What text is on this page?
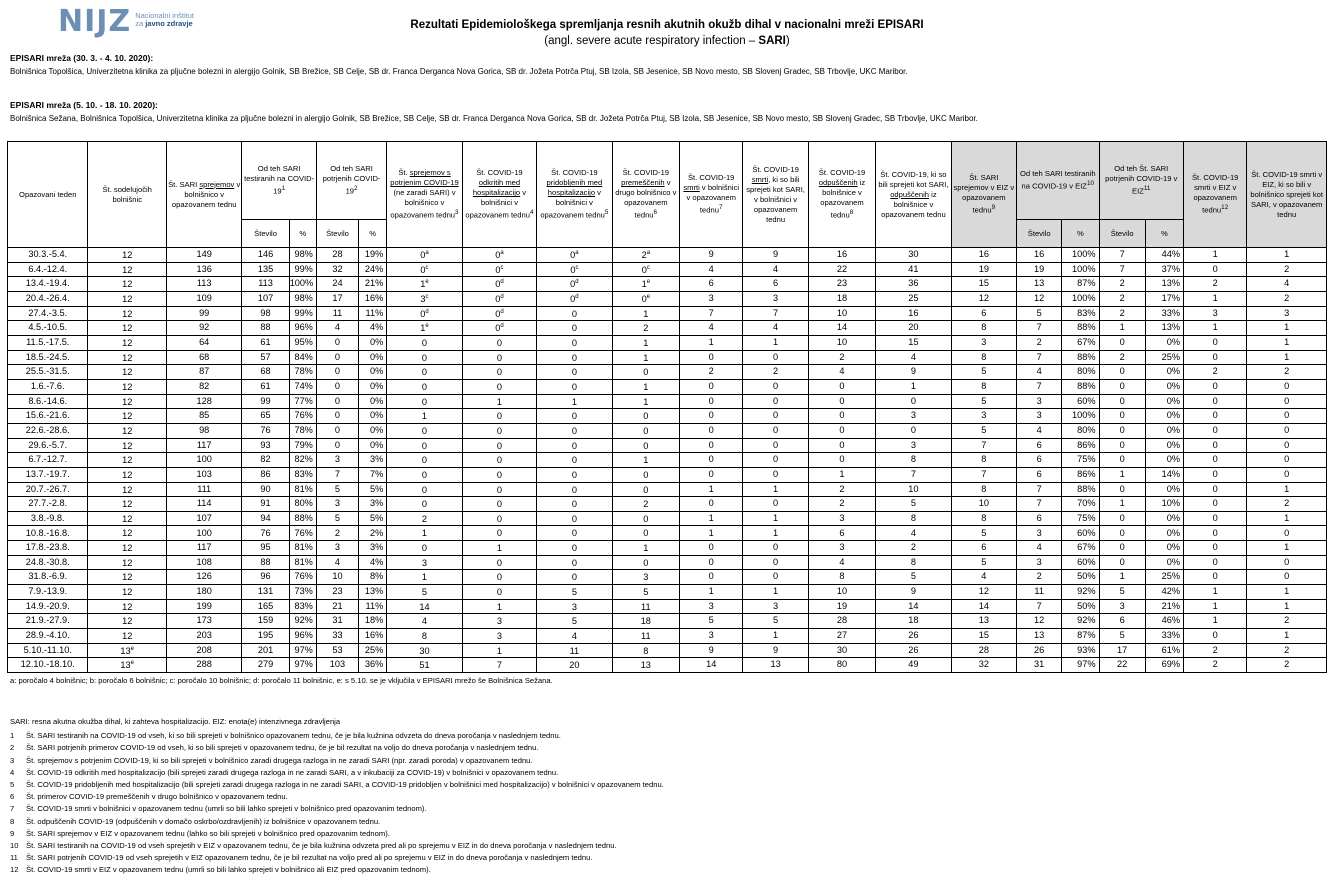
NIJZ Nacionalni inštitut
za javno zdravje	Rezultati Epidemiološkega spremljanja resnih akutnih okužb dihal v nacionalni mreži EPISARI
(angl. severe acute respiratory infection – SARI)
EPISARI mreža (30. 3. - 4. 10. 2020):
Bolnišnica Topolšica, Univerzitetna klinika za pljučne bolezni in alergijo Golnik, SB Brežice, SB Celje, SB dr. Franca Derganca Nova Gorica, SB dr. Jožeta Potrča Ptuj, SB Izola, SB Jesenice, SB Novo mesto, SB Slovenj Gradec, SB Trbovlje, UKC Maribor.
EPISARI mreža (5. 10. - 18. 10. 2020):
Bolnišnica Sežana, Bolnišnica Topolšica, Univerzitetna klinika za pljučne bolezni in alergijo Golnik, SB Brežice, SB Celje, SB dr. Franca Derganca Nova Gorica, SB dr. Jožeta Potrča Ptuj, SB Izola, SB Jesenice, SB Novo mesto, SB Slovenj Gradec, SB Trbovlje, UKC Maribor.
Opazovani teden	Št. sodelujočih bolnišnic	Št. SARI sprejemov v bolnišnico v opazovanem tednu	Od teh SARI testiranih na COVID-$19^1$		Od teh SARI potrjenih COVID-$19^2$		Št. sprejemov s potrjenim COVID-19 (ne zaradi SARI) v bolnišnico v opazovanem tednu$^3$	Št. COVID-19 odkritih med hospitalizacijo v bolnišnici v opazovanem tednu$^4$	Št. COVID-19 pridobljenih med hospitalizacijo v bolnišnici v opazovanem tednu$^5$	Št. COVID-19 premeščenih v drugo bolnišnico v opazovanem tednu$^6$	Št. COVID-19 smrti v bolnišnici v opazovanem tednu$^7$	Št. COVID-19 smrti, ki so bili sprejeti kot SARI, v bolnišnici v opazovanem tednu	Št. COVID-19 odpuščenih iz bolnišnice v opazovanem tednu$^8$	Št. COVID-19, ki so bili sprejeti kot SARI, odpuščenih iz bolnišnice v opazovanem tednu	Št. SARI sprejemov v EIZ v opazovanem tednu$^9$	Od teh SARI testiranih na COVID-19 v EIZ$^{10}$		Od teh Št. SARI potrjenih COVID-19 v EIZ$^{11}$		Št. COVID-19 smrti v EIZ v opazovanem tednu$^{12}$	Št. COVID-19 smrti v EIZ, ki so bili v bolnišnico sprejeti kot SARI, v opazovanem tednu
			Število	%	Število	%										Število	%	Število	%		
30.3.-5.4.	12	149	146	98%	28	19%	0$^a$	0$^a$	0$^a$	2$^a$	9	9	16	30	16	16	100%	7	44%	1	1
6.4.-12.4.	12	136	135	99%	32	24%	0$^c$	0$^c$	0$^c$	0$^c$	4	4	22	41	19	19	100%	7	37%	0	2
13.4.-19.4.	12	113	113	100%	24	21%	1e	0$^d$	0$^d$	1e	6	6	23	36	15	13	87%	2	13%	2	4
20.4.-26.4.	12	109	107	98%	17	16%	3$^c$	0$^d$	0$^d$	0e	3	3	18	25	12	12	100%	2	17%	1	2
27.4.-3.5.	12	99	98	99%	11	11%	0$^d$	0$^d$	0	1	7	7	10	16	6	5	83%	2	33%	3	3
4.5.-10.5.	12	92	88	96%	4	4%	1e	0$^d$	0	2	4	4	14	20	8	7	88%	1	13%	1	1
11.5.-17.5.	12	64	61	95%	0	0%	0	0	0	1	1	1	10	15	3	2	67%	0	0%	0	1
18.5.-24.5.	12	68	57	84%	0	0%	0	0	0	1	0	0	2	4	8	7	88%	2	25%	0	1
25.5.-31.5.	12	87	68	78%	0	0%	0	0	0	0	2	2	4	9	5	4	80%	0	0%	2	2
1.6.-7.6.	12	82	61	74%	0	0%	0	0	0	1	0	0	0	1	8	7	88%	0	0%	0	0
8.6.-14.6.	12	128	99	77%	0	0%	0	1	1	1	0	0	0	0	5	3	60%	0	0%	0	0
15.6.-21.6.	12	85	65	76%	0	0%	1	0	0	0	0	0	0	3	3	3	100%	0	0%	0	0
22.6.-28.6.	12	98	76	78%	0	0%	0	0	0	0	0	0	0	0	5	4	80%	0	0%	0	0
29.6.-5.7.	12	117	93	79%	0	0%	0	0	0	0	0	0	0	3	7	6	86%	0	0%	0	0
6.7.-12.7.	12	100	82	82%	3	3%	0	0	0	1	0	0	0	8	8	6	75%	0	0%	0	0
13.7.-19.7.	12	103	86	83%	7	7%	0	0	0	0	0	0	1	7	7	6	86%	1	14%	0	0
20.7.-26.7.	12	111	90	81%	5	5%	0	0	0	0	1	1	2	10	8	7	88%	0	0%	0	1
27.7.-2.8.	12	114	91	80%	3	3%	0	0	0	2	0	0	2	5	10	7	70%	1	10%	0	2
3.8.-9.8.	12	107	94	88%	5	5%	2	0	0	0	1	1	3	8	8	6	75%	0	0%	0	1
10.8.-16.8.	12	100	76	76%	2	2%	1	0	0	0	1	1	6	4	5	3	60%	0	0%	0	0
17.8.-23.8.	12	117	95	81%	3	3%	0	1	0	1	0	0	3	2	6	4	67%	0	0%	0	1
24.8.-30.8.	12	108	88	81%	4	4%	3	0	0	0	0	0	4	8	5	3	60%	0	0%	0	0
31.8.-6.9.	12	126	96	76%	10	8%	1	0	0	3	0	0	8	5	4	2	50%	1	25%	0	0
7.9.-13.9.	12	180	131	73%	23	13%	5	0	5	5	1	1	10	9	12	11	92%	5	42%	1	1
14.9.-20.9.	12	199	165	83%	21	11%	14	1	3	11	3	3	19	14	14	7	50%	3	21%	1	1
21.9.-27.9.	12	173	159	92%	31	18%	4	3	5	18	5	5	28	18	13	12	92%	6	46%	1	2
28.9.-4.10.	12	203	195	96%	33	16%	8	3	4	11	3	1	27	26	15	13	87%	5	33%	0	1
5.10.-11.10.	13e	208	201	97%	53	25%	30	1	11	8	9	9	30	26	28	26	93%	17	61%	2	2
12.10.-18.10.	13e	288	279	97%	103	36%	51	7	20	13	14	13	80	49	32	31	97%	22	69%	2	2
a: poročalo 4 bolnišnic; b: poročalo 6 bolnišnic; c: poročalo 10 bolnišnic; d: poročalo 11 bolnišnic, e: s 5.10. se je vključila v EPISARI mrežo še Bolnišnica Sežana.
SARI: resna akutna okužba dihal, ki zahteva hospitalizacijo. EIZ: enota(e) intenzivnega zdravljenja
1	Št. SARI testiranih na COVID-19 od vseh, ki so bili sprejeti v bolnišnico opazovanem tednu, če je bila kužnina odvzeta do dneva poročanja v naslednjem tednu.
2	Št. SARI potrjenih primerov COVID-19 od vseh, ki so bili sprejeti v opazovanem tednu, če je bil rezultat na voljo do dneva poročanja v naslednjem tednu.
3	Št. sprejemov s potrjenim COVID-19, ki so bili sprejeti v bolnišnico zaradi drugega razloga in ne zaradi SARI (npr. zaradi poroda) v opazovanem tednu.
4	Št. COVID-19 odkritih med hospitalizacijo (bili sprejeti zaradi drugega razloga in ne zaradi SARI, a v inkubaciji za COVID-19) v bolnišnici v opazovanem tednu.
5	Št. COVID-19 pridobljenih med hospitalizacijo (bili sprejeti zaradi drugega razloga in ne zaradi SARI, a COVID-19 pridobljen v bolnišnici med hospitalizacijo) v bolnišnici v opazovanem tednu.
6	Št. primerov COVID-19 premeščenih v drugo bolnišnico v opazovanem tednu.
7	Št. COVID-19 smrti v bolnišnici v opazovanem tednu (umrli so bili lahko sprejeti v bolnišnico pred opazovanim tednom).
8	Št. odpuščenih COVID-19 (odpuščenih v domačo oskrbo/ozdravljenih) iz bolnišnice v opazovanem tednu.
9	Št. SARI sprejemov v EIZ v opazovanem tednu (lahko so bili sprejeti v bolnišnico pred opazovanim tednom).
10 Št. SARI testiranih na COVID-19 od vseh sprejetih v EIZ v opazovanem tednu, če je bila kužnina odvzeta pred ali po sprejemu v EIZ in do dneva poročanja v naslednjem tednu.
11	Št. SARI potrjenih COVID-19 od vseh sprejetih v EIZ opazovanem tednu, če je bil rezultat na voljo pred ali po sprejemu v EIZ in do dneva poročanja v naslednjem tednu.
12 Št. COVID-19 smrti v EIZ v opazovanem tednu (umrli so bili lahko sprejeti v bolnišnico ali EIZ pred opazovanim tednom).
